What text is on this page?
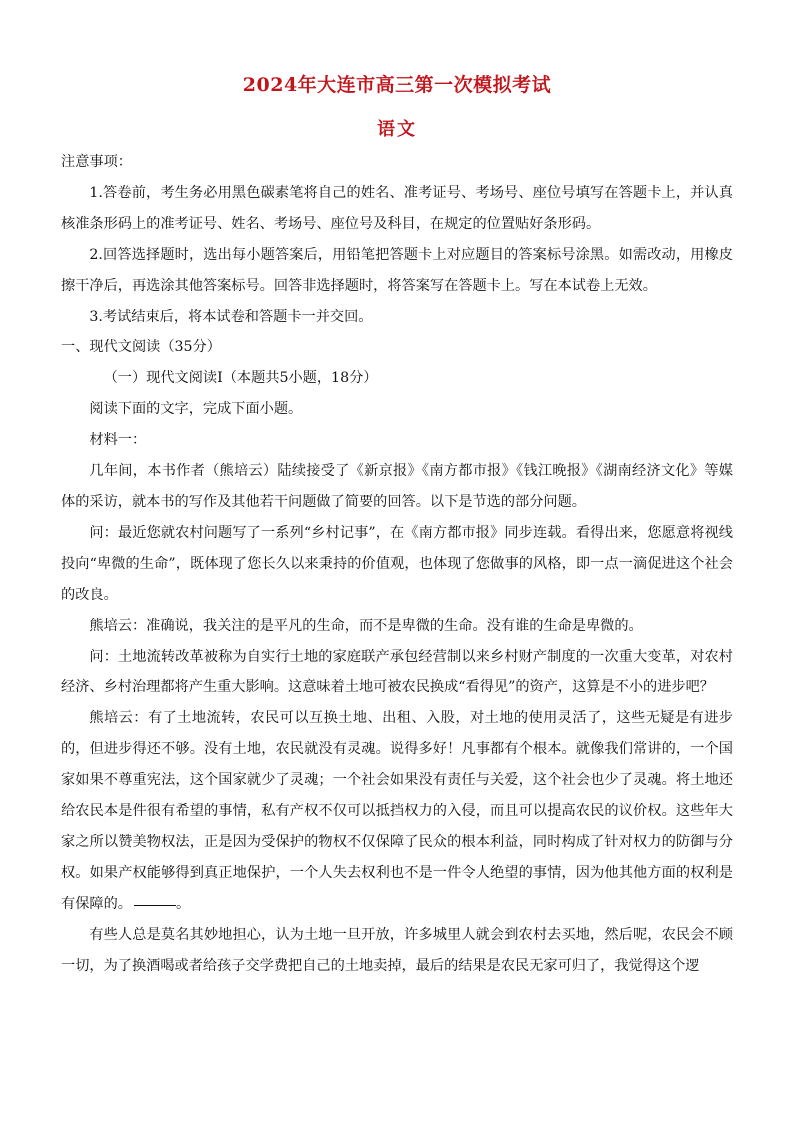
2024年大连市高三第一次模拟考试
语文

注意事项：

1.答卷前，考生务必用黑色碳素笔将自己的姓名、准考证号、考场号、座位号填写在答题卡上，并认真核准条形码上的准考证号、姓名、考场号、座位号及科目，在规定的位置贴好条形码。

2.回答选择题时，选出每小题答案后，用铅笔把答题卡上对应题目的答案标号涂黑。如需改动，用橡皮擦干净后，再选涂其他答案标号。回答非选择题时，将答案写在答题卡上。写在本试卷上无效。

3.考试结束后，将本试卷和答题卡一并交回。

一、现代文阅读（35分）

（一）现代文阅读Ⅰ（本题共5小题，18分）

阅读下面的文字，完成下面小题。

材料一：

几年间，本书作者（熊培云）陆续接受了《新京报》《南方都市报》《钱江晚报》《湖南经济文化》等媒体的采访，就本书的写作及其他若干问题做了简要的回答。以下是节选的部分问题。

问：最近您就农村问题写了一系列“乡村记事”，在《南方都市报》同步连载。看得出来，您愿意将视线投向“卑微的生命”，既体现了您长久以来秉持的价值观，也体现了您做事的风格，即一点一滴促进这个社会的改良。

熊培云：准确说，我关注的是平凡的生命，而不是卑微的生命。没有谁的生命是卑微的。

问：土地流转改革被称为自实行土地的家庭联产承包经营制以来乡村财产制度的一次重大变革，对农村经济、乡村治理都将产生重大影响。这意味着土地可被农民换成“看得见”的资产，这算是不小的进步吧？

熊培云：有了土地流转，农民可以互换土地、出租、入股，对土地的使用灵活了，这些无疑是有进步的，但进步得还不够。没有土地，农民就没有灵魂。说得多好！凡事都有个根本。就像我们常讲的，一个国家如果不尊重宪法，这个国家就少了灵魂；一个社会如果没有责任与关爱，这个社会也少了灵魂。将土地还给农民本是件很有希望的事情，私有产权不仅可以抵挡权力的入侵，而且可以提高农民的议价权。这些年大家之所以赞美物权法，正是因为受保护的物权不仅保障了民众的根本利益，同时构成了针对权力的防御与分权。如果产权能够得到真正地保护，一个人失去权利也不是一件令人绝望的事情，因为他其他方面的权利是有保障的。	。

有些人总是莫名其妙地担心，认为土地一旦开放，许多城里人就会到农村去买地，然后呢，农民会不顾一切，为了换酒喝或者给孩子交学费把自己的土地卖掉，最后的结果是农民无家可归了，我觉得这个逻
